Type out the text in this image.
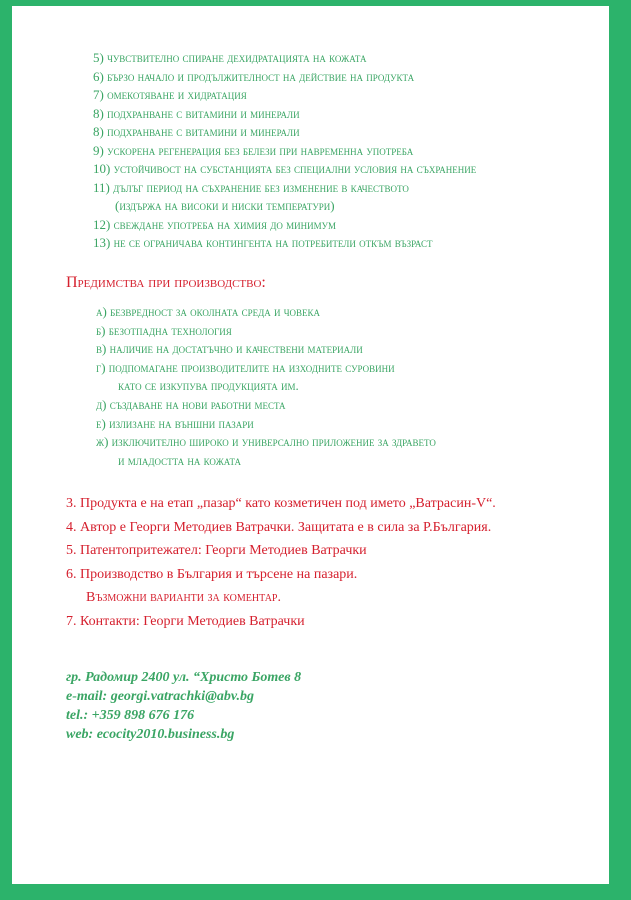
5) чувствително спиране дехидратацията на кожата
6) бързо начало и продължителност на действие на продукта
7) омекотяване и хидратация
8) подхранване с витамини и минерали
8) подхранване с витамини и минерали
9) ускорена регенерация без белези при навременна употреба
10) устойчивост на субстанцията без специални условия на съхранение
11) дълъг период на съхранение без изменение в качеството
(издържа на високи и ниски температури)
12) свеждане употреба на химия до минимум
13) не се ограничава контингента на потребители откъм възраст
Предимства при производство:
а) безвредност за околната среда и човека
б) безотпадна технология
в) наличие на достатъчно и качествени материали
г) подпомагане производителите на изходните суровини
като се изкупува продукцията им.
д) създаване на нови работни места
е) излизане на външни пазари
ж) изключително широко и универсално приложение за здравето
и младостта на кожата
3. Продукта е на етап „пазар“ като козметичен под името „Ватрасин-V“.
4. Автор е Георги Методиев Ватрачки. Защитата е в сила за Р.България.
5. Патентопритежател: Георги Методиев Ватрачки
6. Производство в България и търсене на пазари.
Възможни варианти за коментар.
7. Контакти: Георги Методиев Ватрачки
гр. Радомир 2400 ул. “Христо Ботев 8
e-mail: georgi.vatrachki@abv.bg
tel.: +359 898 676 176
web: ecocity2010.business.bg
